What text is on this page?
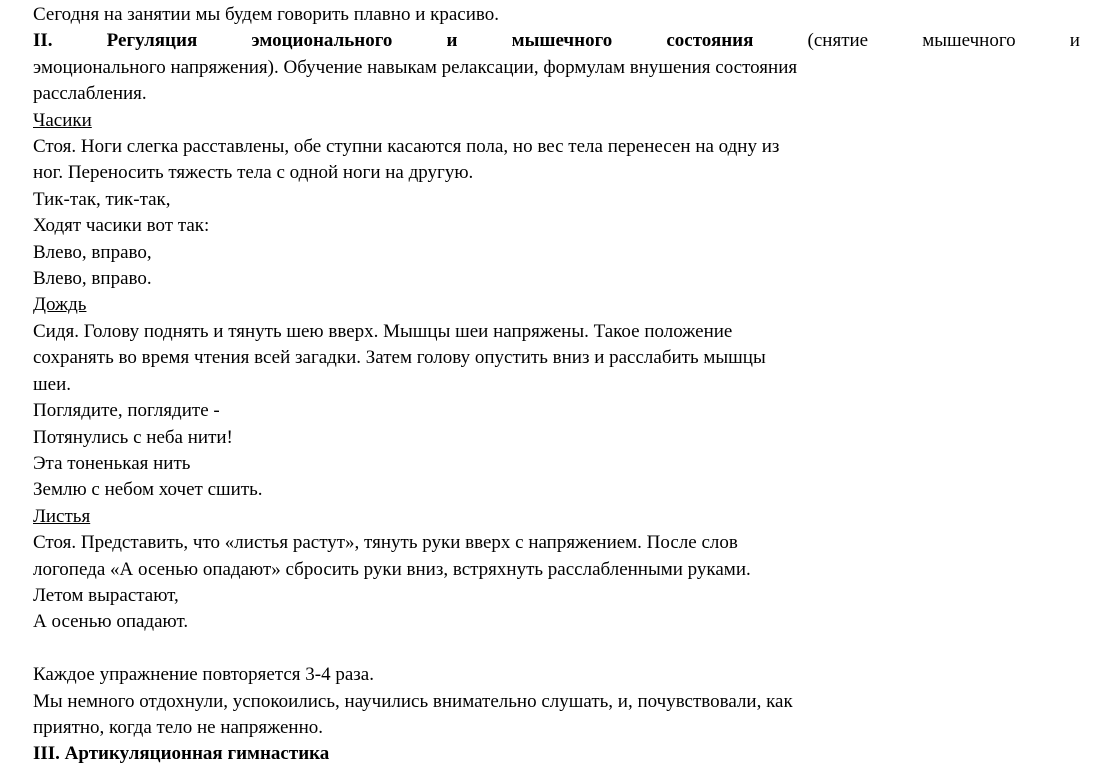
Сегодня на занятии мы будем говорить плавно и красиво.
II.	Регуляция	эмоционального	и	мышечного	состояния	(снятие	мышечного	и
эмоционального напряжения). Обучение навыкам релаксации, формулам внушения состояния
расслабления.
Часики
Стоя. Ноги слегка расставлены, обе ступни касаются пола, но вес тела перенесен на одну из
ног. Переносить тяжесть тела с одной ноги на другую.
Тик-так, тик-так,
Ходят часики вот так:
Влево, вправо,
Влево, вправо.
Дождь
Сидя. Голову поднять и тянуть шею вверх. Мышцы шеи напряжены. Такое положение
сохранять во время чтения всей загадки. Затем голову опустить вниз и расслабить мышцы
шеи.
Поглядите, поглядите -
Потянулись с неба нити!
Эта тоненькая нить
Землю с небом хочет сшить.
Листья
Стоя. Представить, что «листья растут», тянуть руки вверх с напряжением. После слов
логопеда «А осенью опадают» сбросить руки вниз, встряхнуть расслабленными руками.
Летом вырастают,
А осенью опадают.
Каждое упражнение повторяется 3-4 раза.
Мы немного отдохнули, успокоились, научились внимательно слушать, и, почувствовали, как
приятно, когда тело не напряженно.
III. Артикуляционная гимнастика
